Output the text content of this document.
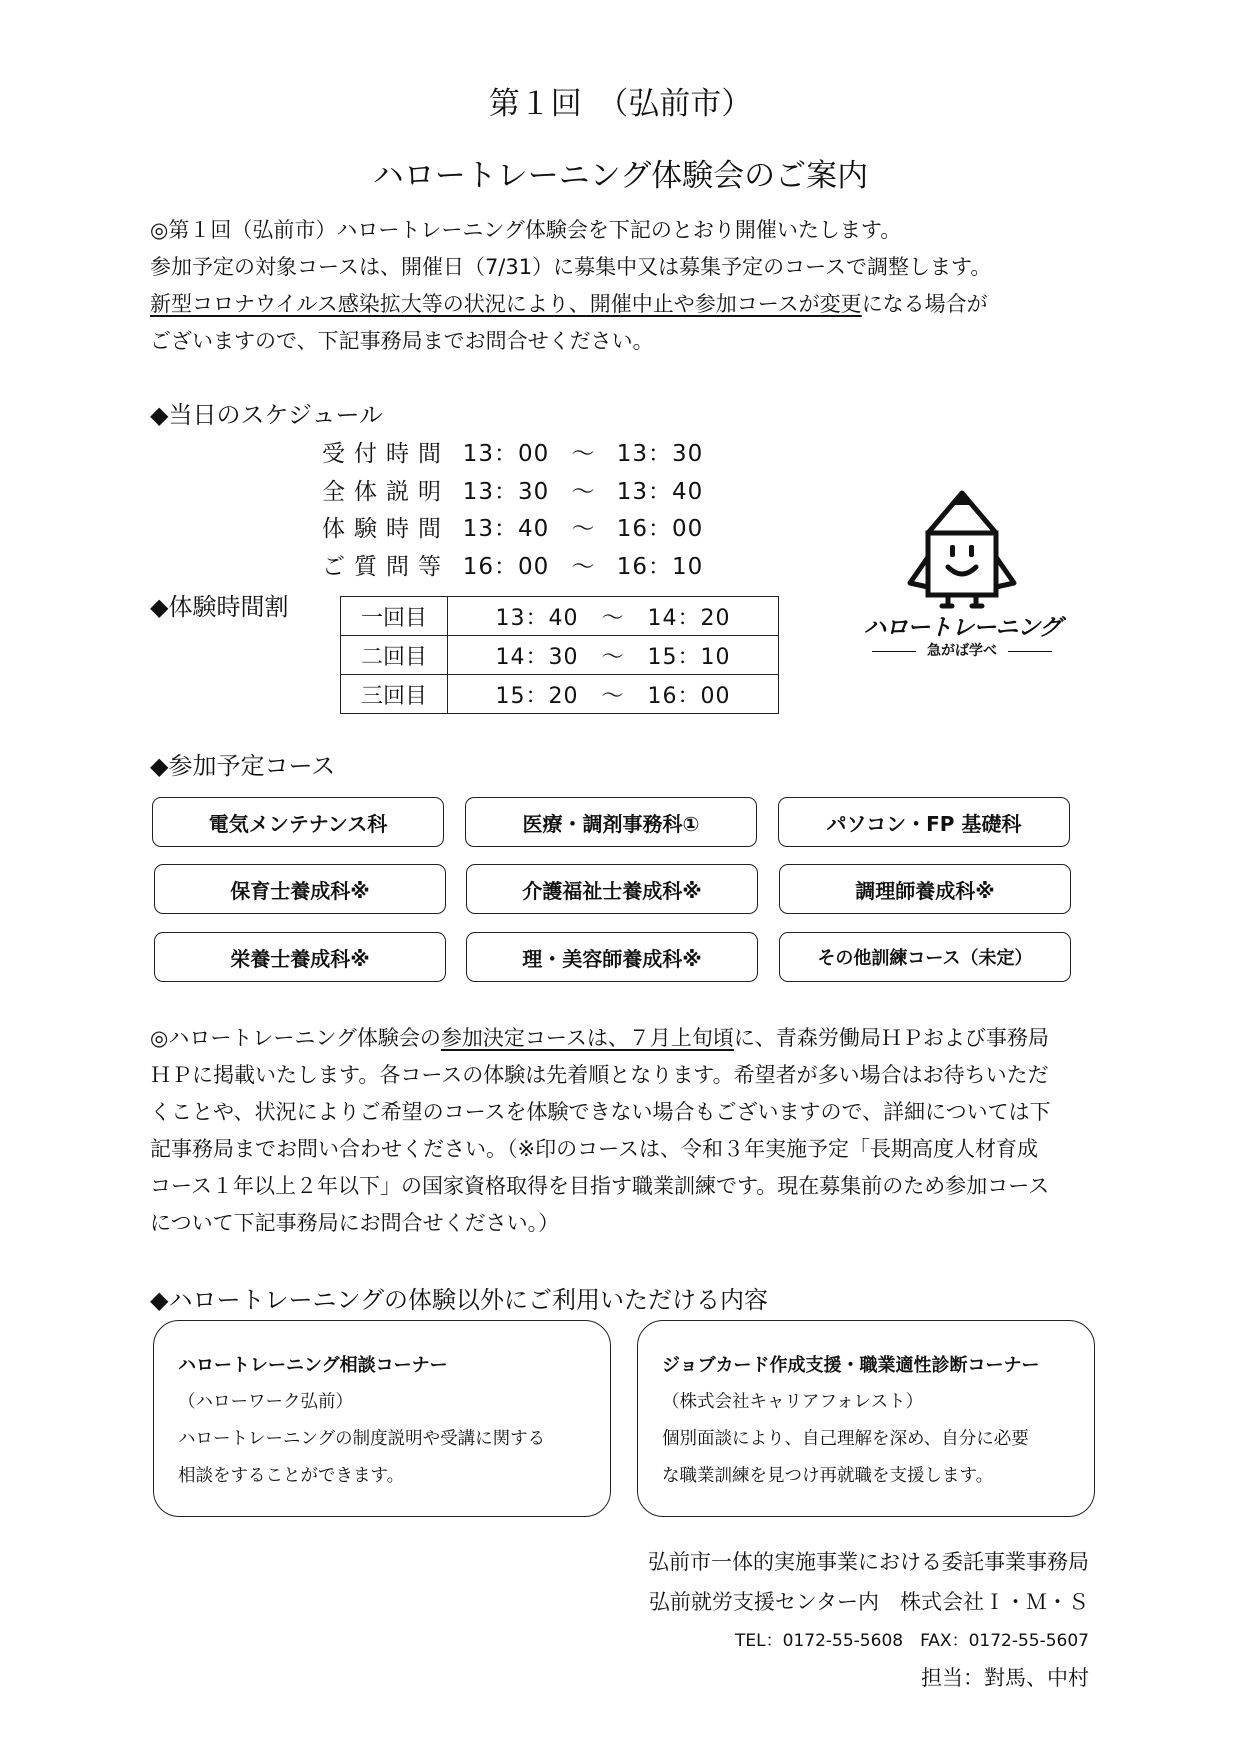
第１回　（弘前市）
ハロートレーニング体験会のご案内

◎第１回（弘前市）ハロートレーニング体験会を下記のとおり開催いたします。

参加予定の対象コースは、開催日（7/31）に募集中又は募集予定のコースで調整します。

新型コロナウイルス感染拡大等の状況により、開催中止や参加コースが変更になる場合が

ございますので、下記事務局までお問合せください。

◆当日のスケジュール
受付時間 13：00 ～ 13：30
全体説明 13：30 ～ 13：40
体験時間 13：40 ～ 16：00
ご質問等 16：00 ～ 16：10
◆体験時間割	一回目	13：40　～　14：20
二回目	14：30　～　15：10
三回目	15：20　～　16：00
ハロートレーニング
急がば学べ
◆参加予定コース
電気メンテナンス科	医療・調剤事務科①	パソコン・FP 基礎科
保育士養成科※	介護福祉士養成科※	調理師養成科※
栄養士養成科※	理・美容師養成科※	その他訓練コース（未定）

◎ハロートレーニング体験会の参加決定コースは、７月上旬頃に、青森労働局ＨＰおよび事務局

ＨＰに掲載いたします。各コースの体験は先着順となります。希望者が多い場合はお待ちいただ

くことや、状況によりご希望のコースを体験できない場合もございますので、詳細については下

記事務局までお問い合わせください。（※印のコースは、令和３年実施予定「長期高度人材育成

コース１年以上２年以下」の国家資格取得を目指す職業訓練です。現在募集前のため参加コース

について下記事務局にお問合せください。）

◆ハロートレーニングの体験以外にご利用いただける内容
ハロートレーニング相談コーナー
（ハローワーク弘前）
ハロートレーニングの制度説明や受講に関する
相談をすることができます。
ジョブカード作成支援・職業適性診断コーナー
（株式会社キャリアフォレスト）
個別面談により、自己理解を深め、自分に必要
な職業訓練を見つけ再就職を支援します。
弘前市一体的実施事業における委託事業事務局
弘前就労支援センター内　株式会社Ｉ・Ｍ・Ｓ
TEL：0172-55-5608　FAX：0172-55-5607
担当：對馬、中村
